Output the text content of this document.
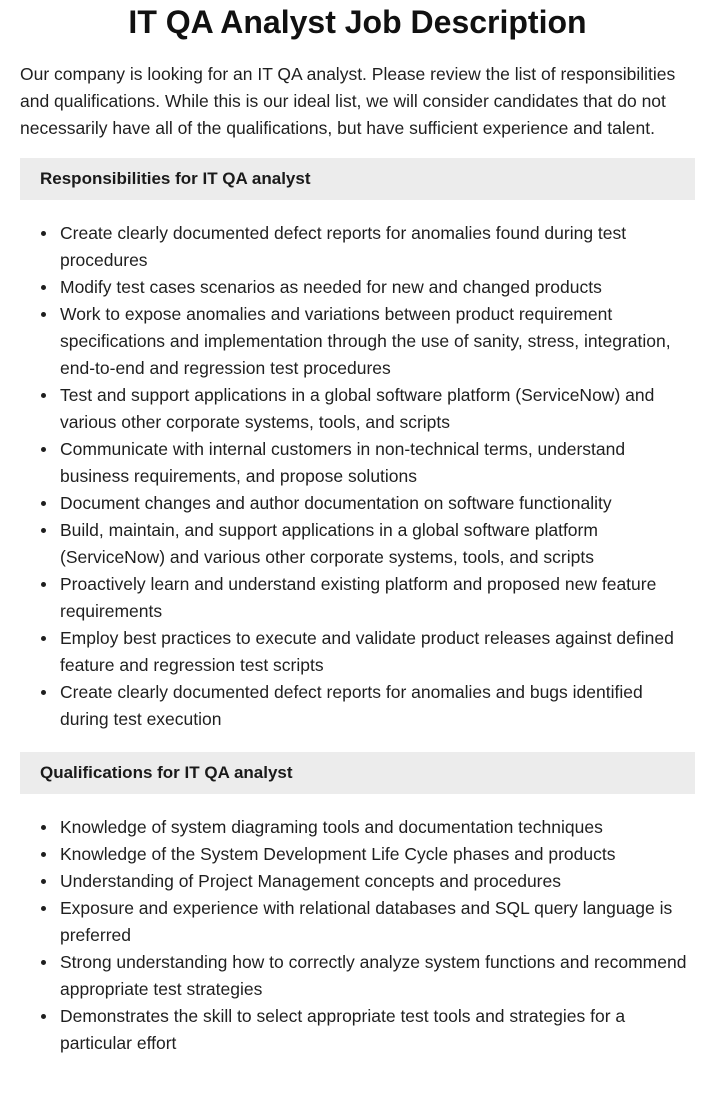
IT QA Analyst Job Description

Our company is looking for an IT QA analyst. Please review the list of responsibilities and qualifications. While this is our ideal list, we will consider candidates that do not necessarily have all of the qualifications, but have sufficient experience and talent.

Responsibilities for IT QA analyst
Create clearly documented defect reports for anomalies found during test procedures
Modify test cases scenarios as needed for new and changed products
Work to expose anomalies and variations between product requirement specifications and implementation through the use of sanity, stress, integration, end-to-end and regression test procedures
Test and support applications in a global software platform (ServiceNow) and various other corporate systems, tools, and scripts
Communicate with internal customers in non-technical terms, understand business requirements, and propose solutions
Document changes and author documentation on software functionality
Build, maintain, and support applications in a global software platform (ServiceNow) and various other corporate systems, tools, and scripts
Proactively learn and understand existing platform and proposed new feature requirements
Employ best practices to execute and validate product releases against defined feature and regression test scripts
Create clearly documented defect reports for anomalies and bugs identified during test execution
Qualifications for IT QA analyst
Knowledge of system diagraming tools and documentation techniques
Knowledge of the System Development Life Cycle phases and products
Understanding of Project Management concepts and procedures
Exposure and experience with relational databases and SQL query language is preferred
Strong understanding how to correctly analyze system functions and recommend appropriate test strategies
Demonstrates the skill to select appropriate test tools and strategies for a particular effort
